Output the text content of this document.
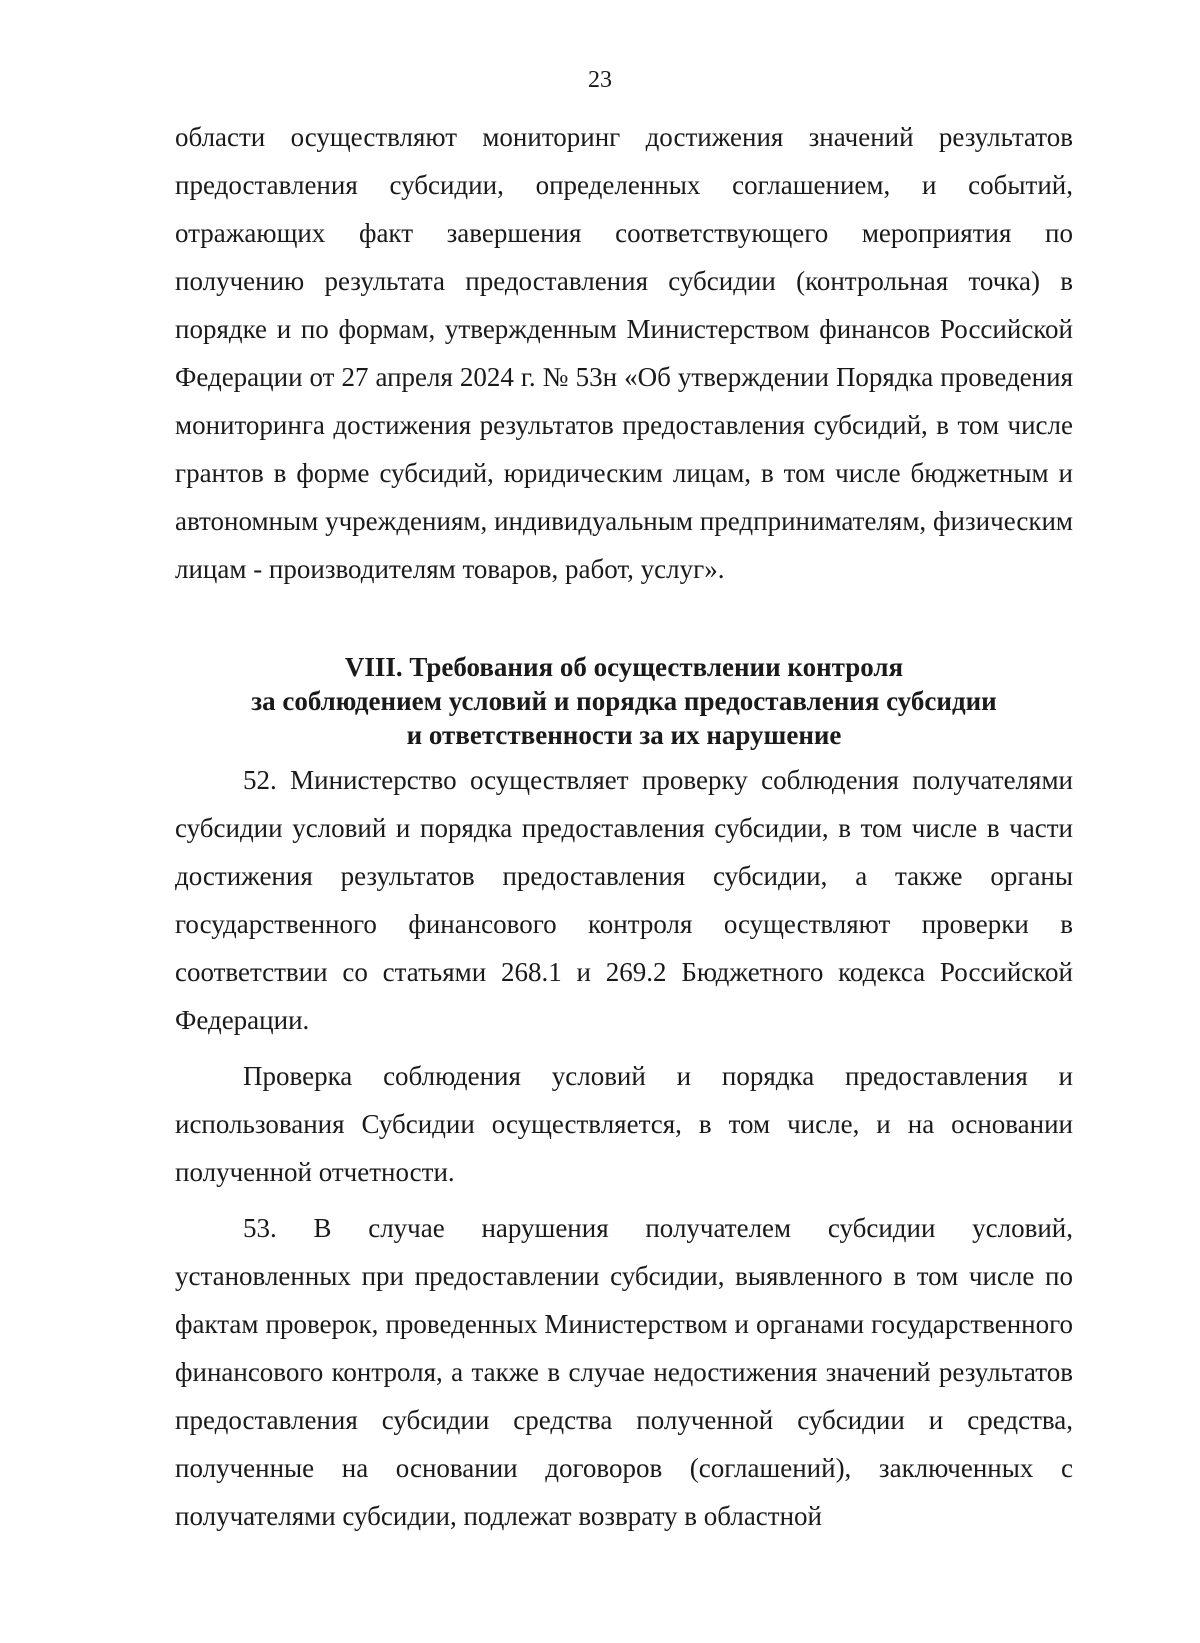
23

области осуществляют мониторинг достижения значений результатов предоставления субсидии, определенных соглашением, и событий, отражающих факт завершения соответствующего мероприятия по получению результата предоставления субсидии (контрольная точка) в порядке и по формам, утвержденным Министерством финансов Российской Федерации от 27 апреля 2024 г. № 53н «Об утверждении Порядка проведения мониторинга достижения результатов предоставления субсидий, в том числе грантов в форме субсидий, юридическим лицам, в том числе бюджетным и автономным учреждениям, индивидуальным предпринимателям, физическим лицам - производителям товаров, работ, услуг».

VIII. Требования об осуществлении контроля
за соблюдением условий и порядка предоставления субсидии
и ответственности за их нарушение

52. Министерство осуществляет проверку соблюдения получателями субсидии условий и порядка предоставления субсидии, в том числе в части достижения результатов предоставления субсидии, а также органы государственного финансового контроля осуществляют проверки в соответствии со статьями 268.1 и 269.2 Бюджетного кодекса Российской Федерации.

Проверка соблюдения условий и порядка предоставления и использования Субсидии осуществляется, в том числе, и на основании полученной отчетности.

53. В случае нарушения получателем субсидии условий, установленных при предоставлении субсидии, выявленного в том числе по фактам проверок, проведенных Министерством и органами государственного финансового контроля, а также в случае недостижения значений результатов предоставления субсидии средства полученной субсидии и средства, полученные на основании договоров (соглашений), заключенных с получателями субсидии, подлежат возврату в областной
